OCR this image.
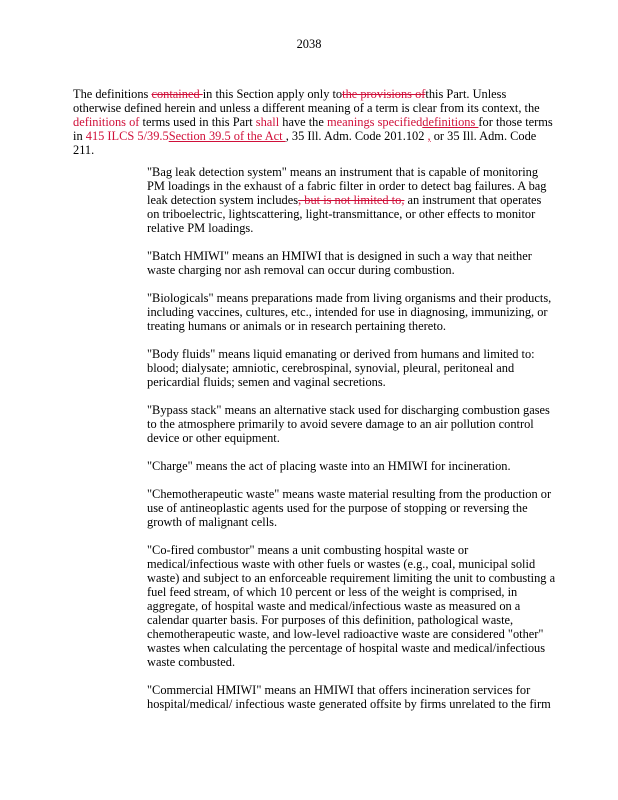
2038
The definitions contained in this Section apply only tothe provisions ofthis Part. Unless
otherwise defined herein and unless a different meaning of a term is clear from its context, the
definitions of terms used in this Part shall have the meanings specifieddefinitions for those terms
in 415 ILCS 5/39.5Section 39.5 of the Act , 35 Ill. Adm. Code 201.102 , or 35 Ill. Adm. Code
211.
"Bag leak detection system" means an instrument that is capable of monitoring
PM loadings in the exhaust of a fabric filter in order to detect bag failures. A bag
leak detection system includes, but is not limited to, an instrument that operates
on triboelectric, lightscattering, light-transmittance, or other effects to monitor
relative PM loadings.
"Batch HMIWI" means an HMIWI that is designed in such a way that neither
waste charging nor ash removal can occur during combustion.
"Biologicals" means preparations made from living organisms and their products,
including vaccines, cultures, etc., intended for use in diagnosing, immunizing, or
treating humans or animals or in research pertaining thereto.
"Body fluids" means liquid emanating or derived from humans and limited to:
blood; dialysate; amniotic, cerebrospinal, synovial, pleural, peritoneal and
pericardial fluids; semen and vaginal secretions.
"Bypass stack" means an alternative stack used for discharging combustion gases
to the atmosphere primarily to avoid severe damage to an air pollution control
device or other equipment.
"Charge" means the act of placing waste into an HMIWI for incineration.
"Chemotherapeutic waste" means waste material resulting from the production or
use of antineoplastic agents used for the purpose of stopping or reversing the
growth of malignant cells.
"Co-fired combustor" means a unit combusting hospital waste or
medical/infectious waste with other fuels or wastes (e.g., coal, municipal solid
waste) and subject to an enforceable requirement limiting the unit to combusting a
fuel feed stream, of which 10 percent or less of the weight is comprised, in
aggregate, of hospital waste and medical/infectious waste as measured on a
calendar quarter basis. For purposes of this definition, pathological waste,
chemotherapeutic waste, and low-level radioactive waste are considered "other"
wastes when calculating the percentage of hospital waste and medical/infectious
waste combusted.
"Commercial HMIWI" means an HMIWI that offers incineration services for
hospital/medical/ infectious waste generated offsite by firms unrelated to the firm
